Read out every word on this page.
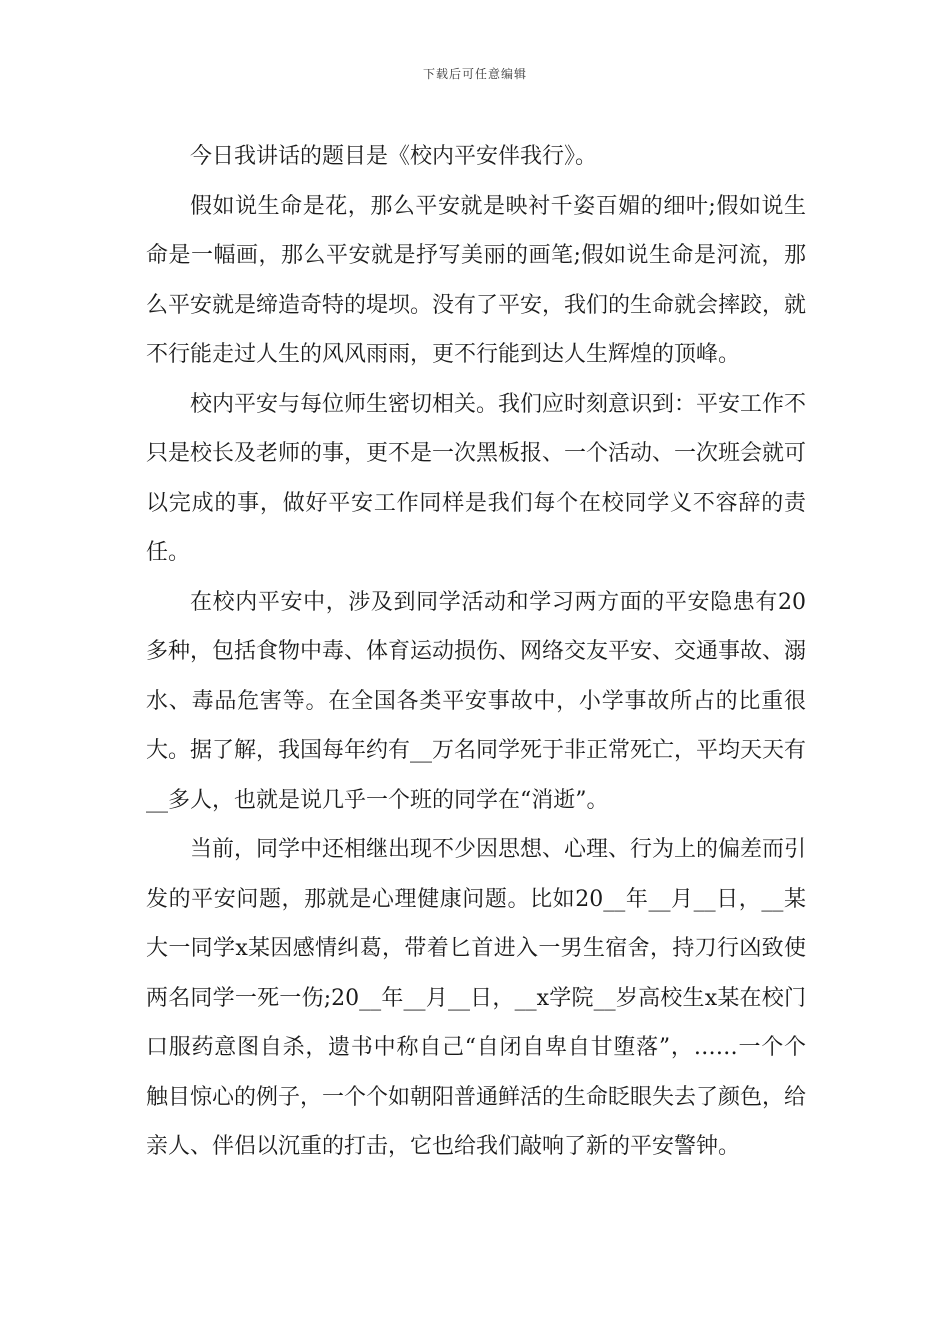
下载后可任意编辑

今日我讲话的题目是《校内平安伴我行》。

假如说生命是花，那么平安就是映衬千姿百媚的细叶;假如说生命是一幅画，那么平安就是抒写美丽的画笔;假如说生命是河流，那么平安就是缔造奇特的堤坝。没有了平安，我们的生命就会摔跤，就不行能走过人生的风风雨雨，更不行能到达人生辉煌的顶峰。

校内平安与每位师生密切相关。我们应时刻意识到：平安工作不只是校长及老师的事，更不是一次黑板报、一个活动、一次班会就可以完成的事，做好平安工作同样是我们每个在校同学义不容辞的责任。

在校内平安中，涉及到同学活动和学习两方面的平安隐患有20多种，包括食物中毒、体育运动损伤、网络交友平安、交通事故、溺水、毒品危害等。在全国各类平安事故中，小学事故所占的比重很大。据了解，我国每年约有__万名同学死于非正常死亡，平均天天有__多人，也就是说几乎一个班的同学在“消逝”。

当前，同学中还相继出现不少因思想、心理、行为上的偏差而引发的平安问题，那就是心理健康问题。比如20__年__月__日，__某大一同学x某因感情纠葛，带着匕首进入一男生宿舍，持刀行凶致使两名同学一死一伤;20__年__月__日，__x学院__岁高校生x某在校门口服药意图自杀，遗书中称自己“自闭自卑自甘堕落”，……一个个触目惊心的例子，一个个如朝阳普通鲜活的生命眨眼失去了颜色，给亲人、伴侣以沉重的打击，它也给我们敲响了新的平安警钟。
